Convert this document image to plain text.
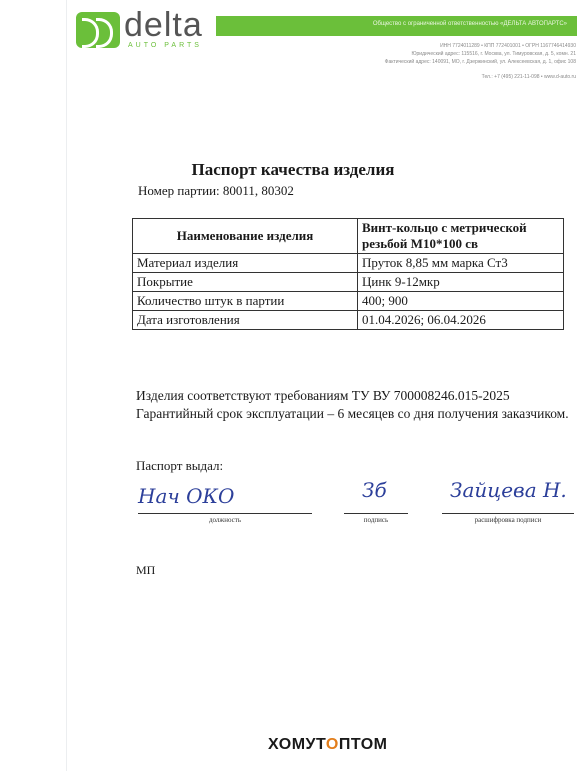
delta
AUTO PARTS
Общество с ограниченной ответственностью «ДЕЛЬТА АВТОПАРТС»
ИНН 7724011289 • КПП 772401001 • ОГРН 1167746414930
Юридический адрес: 115516, г. Москва, ул. Тимуровская, д. 5, комн. 21
Фактический адрес: 140091, МО, г. Дзержинский, ул. Алексеевская, д. 1, офис 108
Тел.: +7 (495) 221-11-098 • www.d-auto.ru
Паспорт качества изделия
Номер партии: 80011, 80302
Наименование изделия	Винт-кольцо с метрической резьбой М10*100 св
Материал изделия	Пруток 8,85 мм марка Ст3
Покрытие	Цинк 9-12мкр
Количество штук в партии	400; 900
Дата изготовления	01.04.2026; 06.04.2026
Изделия соответствуют требованиям ТУ ВУ 700008246.015-2025
Гарантийный срок эксплуатации – 6 месяцев со дня получения заказчиком.
Паспорт выдал:
Нач ОКО	Зб	Зайцева Н.
должность	подпись	расшифровка подписи
МП
ХОМУТОПТОМ
